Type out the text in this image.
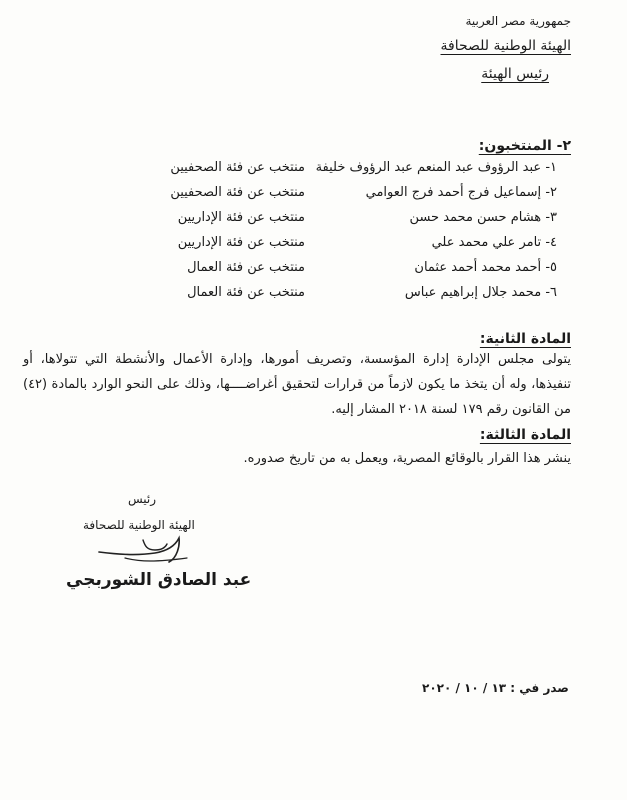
جمهورية مصر العربية
الهيئة الوطنية للصحافة
رئيس الهيئة
٢- المنتخبون:
١- عبد الرؤوف عبد المنعم عبد الرؤوف خليفة
منتخب عن فئة الصحفيين
٢- إسماعيل فرج أحمد فرج العوامي
منتخب عن فئة الصحفيين
٣- هشام حسن محمد حسن
منتخب عن فئة الإداريين
٤- تامر علي محمد علي
منتخب عن فئة الإداريين
٥- أحمد محمد أحمد عثمان
منتخب عن فئة العمال
٦- محمد جلال إبراهيم عباس
منتخب عن فئة العمال
المادة الثانية:
يتولى مجلس الإدارة إدارة المؤسسة، وتصريف أمورها، وإدارة الأعمال والأنشطة التي تتولاها، أو تنفيذها، وله أن يتخذ ما يكون لازماً من قرارات لتحقيق أغراضــــها، وذلك على النحو الوارد بالمادة (٤٢) من القانون رقم ١٧٩ لسنة ٢٠١٨ المشار إليه.
المادة الثالثة:
ينشر هذا القرار بالوقائع المصرية، ويعمل به من تاريخ صدوره.
رئيس
الهيئة الوطنية للصحافة
عبد الصادق الشوربجي
صدر في : ١٣ / ١٠ / ٢٠٢٠
